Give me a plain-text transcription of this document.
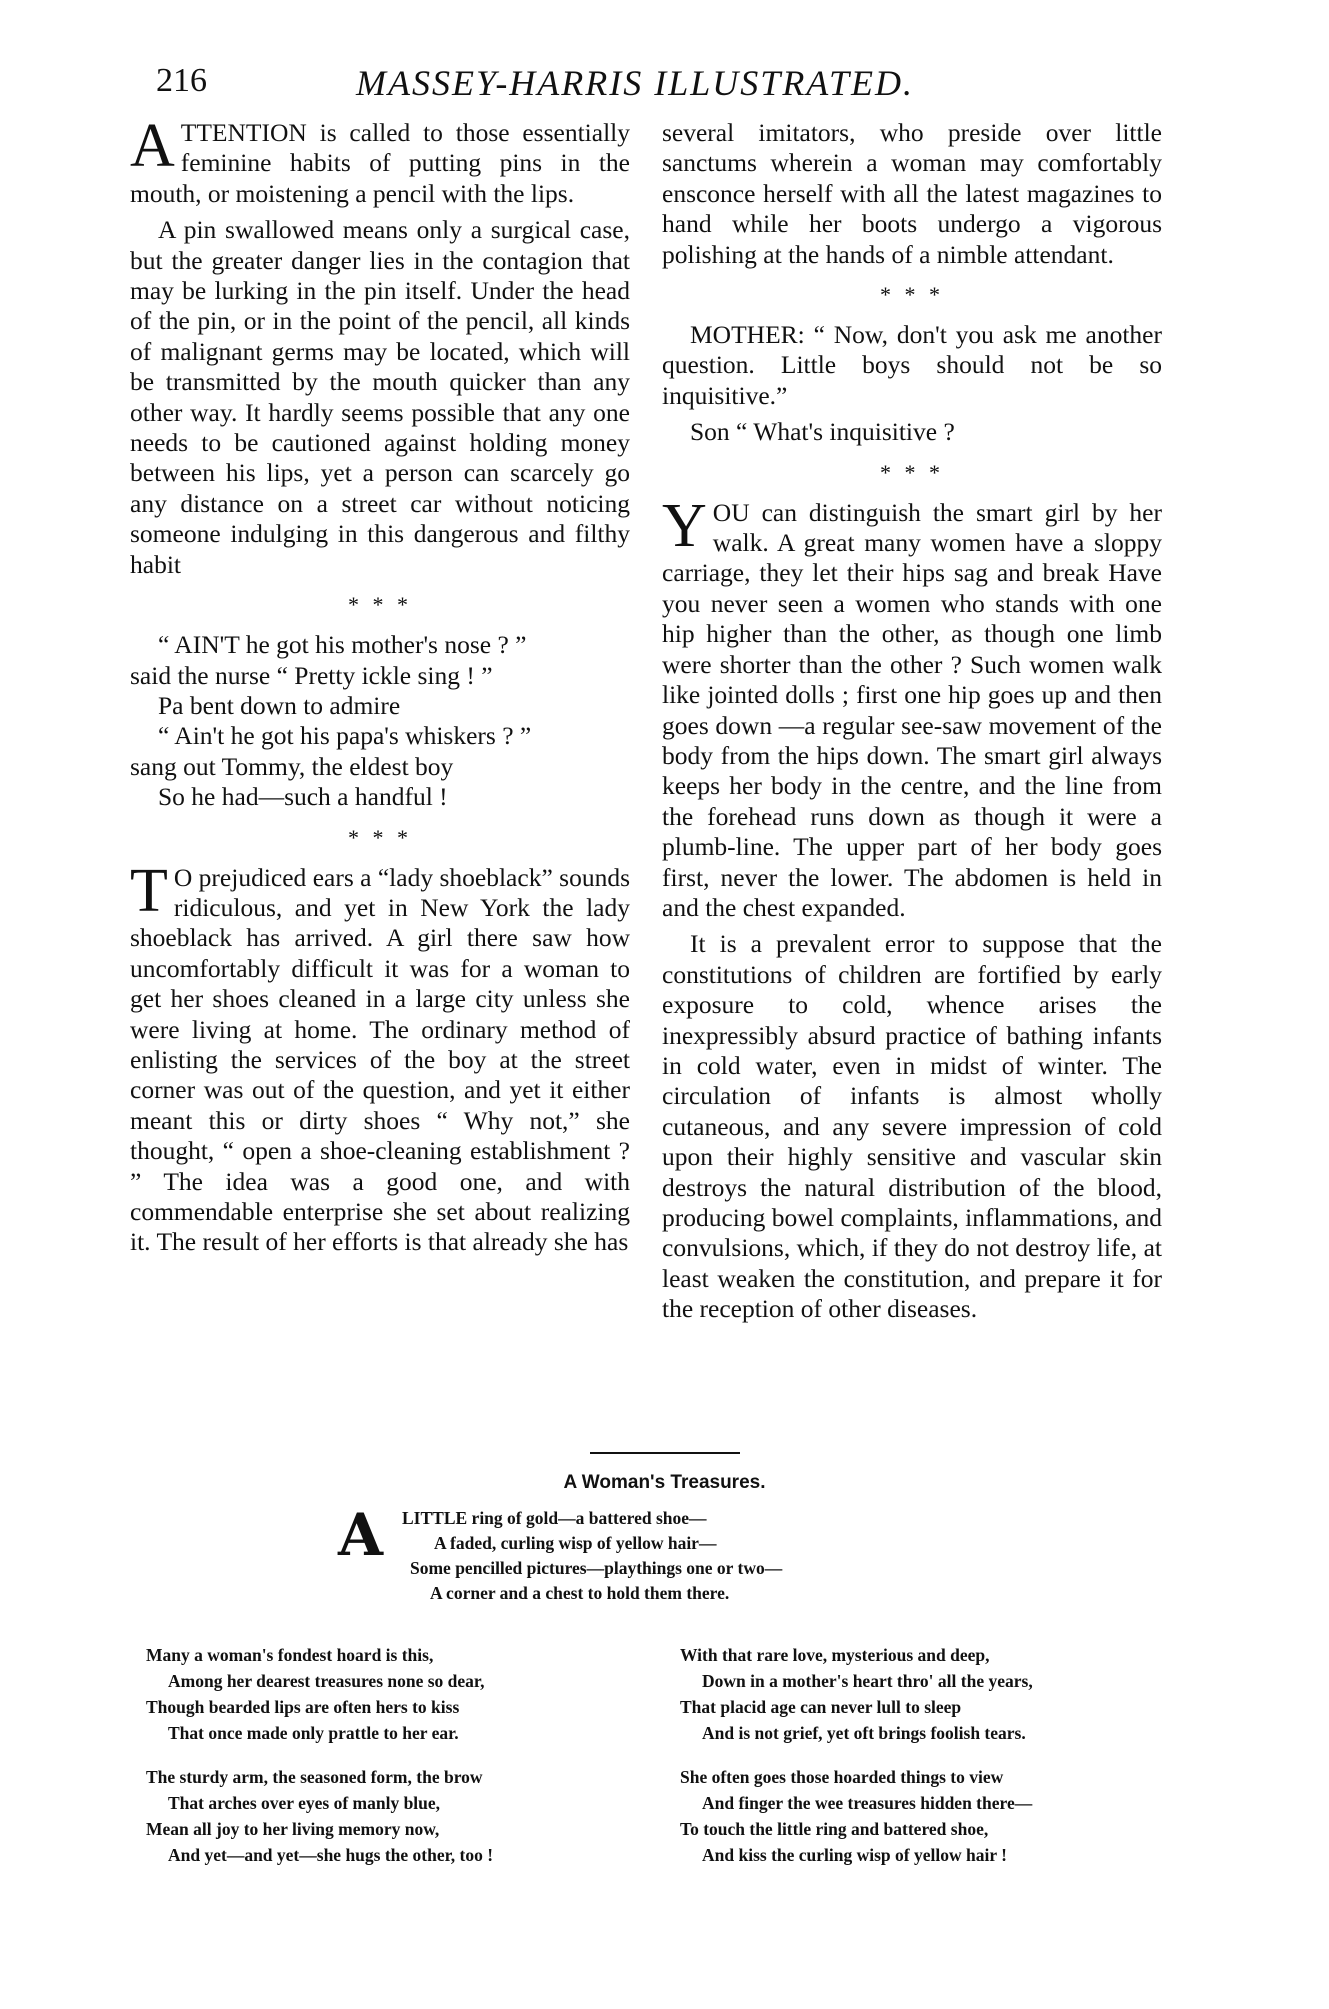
216	MASSEY-HARRIS ILLUSTRATED.

ATTENTION is called to those essentially feminine habits of putting pins in the mouth, or moistening a pencil with the lips.

A pin swallowed means only a surgical case, but the greater danger lies in the contagion that may be lurking in the pin itself. Under the head of the pin, or in the point of the pencil, all kinds of malignant germs may be located, which will be transmitted by the mouth quicker than any other way. It hardly seems possible that any one needs to be cautioned against holding money between his lips, yet a person can scarcely go any distance on a street car without noticing someone indulging in this dangerous and filthy habit

* * *
“ AIN'T he got his mother's nose ? ”
said the nurse “ Pretty ickle sing ! ”
Pa bent down to admire
“ Ain't he got his papa's whiskers ? ”
sang out Tommy, the eldest boy
So he had—such a handful !
* * *

T O prejudiced ears a “lady shoeblack” sounds ridiculous, and yet in New York the lady shoeblack has arrived. A girl there saw how uncomfortably difficult it was for a woman to get her shoes cleaned in a large city unless she were living at home. The ordinary method of enlisting the services of the boy at the street corner was out of the question, and yet it either meant this or dirty shoes “ Why not,” she thought, “ open a shoe-cleaning establishment ? ” The idea was a good one, and with commendable enterprise she set about realizing it. The result of her efforts is that already she has

several imitators, who preside over little sanctums wherein a woman may comfortably ensconce herself with all the latest magazines to hand while her boots undergo a vigorous polishing at the hands of a nimble attendant.

* * *

MOTHER: “ Now, don't you ask me another question. Little boys should not be so inquisitive.”

Son “ What's inquisitive ?

* * *

YOU can distinguish the smart girl by her walk. A great many women have a sloppy carriage, they let their hips sag and break Have you never seen a women who stands with one hip higher than the other, as though one limb were shorter than the other ? Such women walk like jointed dolls ; first one hip goes up and then goes down —a regular see-saw movement of the body from the hips down. The smart girl always keeps her body in the centre, and the line from the forehead runs down as though it were a plumb-line. The upper part of her body goes first, never the lower. The abdomen is held in and the chest expanded.

It is a prevalent error to suppose that the constitutions of children are fortified by early exposure to cold, whence arises the inexpressibly absurd practice of bathing infants in cold water, even in midst of winter. The circulation of infants is almost wholly cutaneous, and any severe impression of cold upon their highly sensitive and vascular skin destroys the natural distribution of the blood, producing bowel complaints, inflammations, and convulsions, which, if they do not destroy life, at least weaken the constitution, and prepare it for the reception of other diseases.

A Woman's Treasures.
A	LITTLE ring of gold—a battered shoe—
A faded, curling wisp of yellow hair—
Some pencilled pictures—playthings one or two—
A corner and a chest to hold them there.
Many a woman's fondest hoard is this,
Among her dearest treasures none so dear,
Though bearded lips are often hers to kiss
That once made only prattle to her ear.
With that rare love, mysterious and deep,
Down in a mother's heart thro' all the years,
That placid age can never lull to sleep
And is not grief, yet oft brings foolish tears.
The sturdy arm, the seasoned form, the brow
That arches over eyes of manly blue,
Mean all joy to her living memory now,
And yet—and yet—she hugs the other, too !
She often goes those hoarded things to view
And finger the wee treasures hidden there—
To touch the little ring and battered shoe,
And kiss the curling wisp of yellow hair !
